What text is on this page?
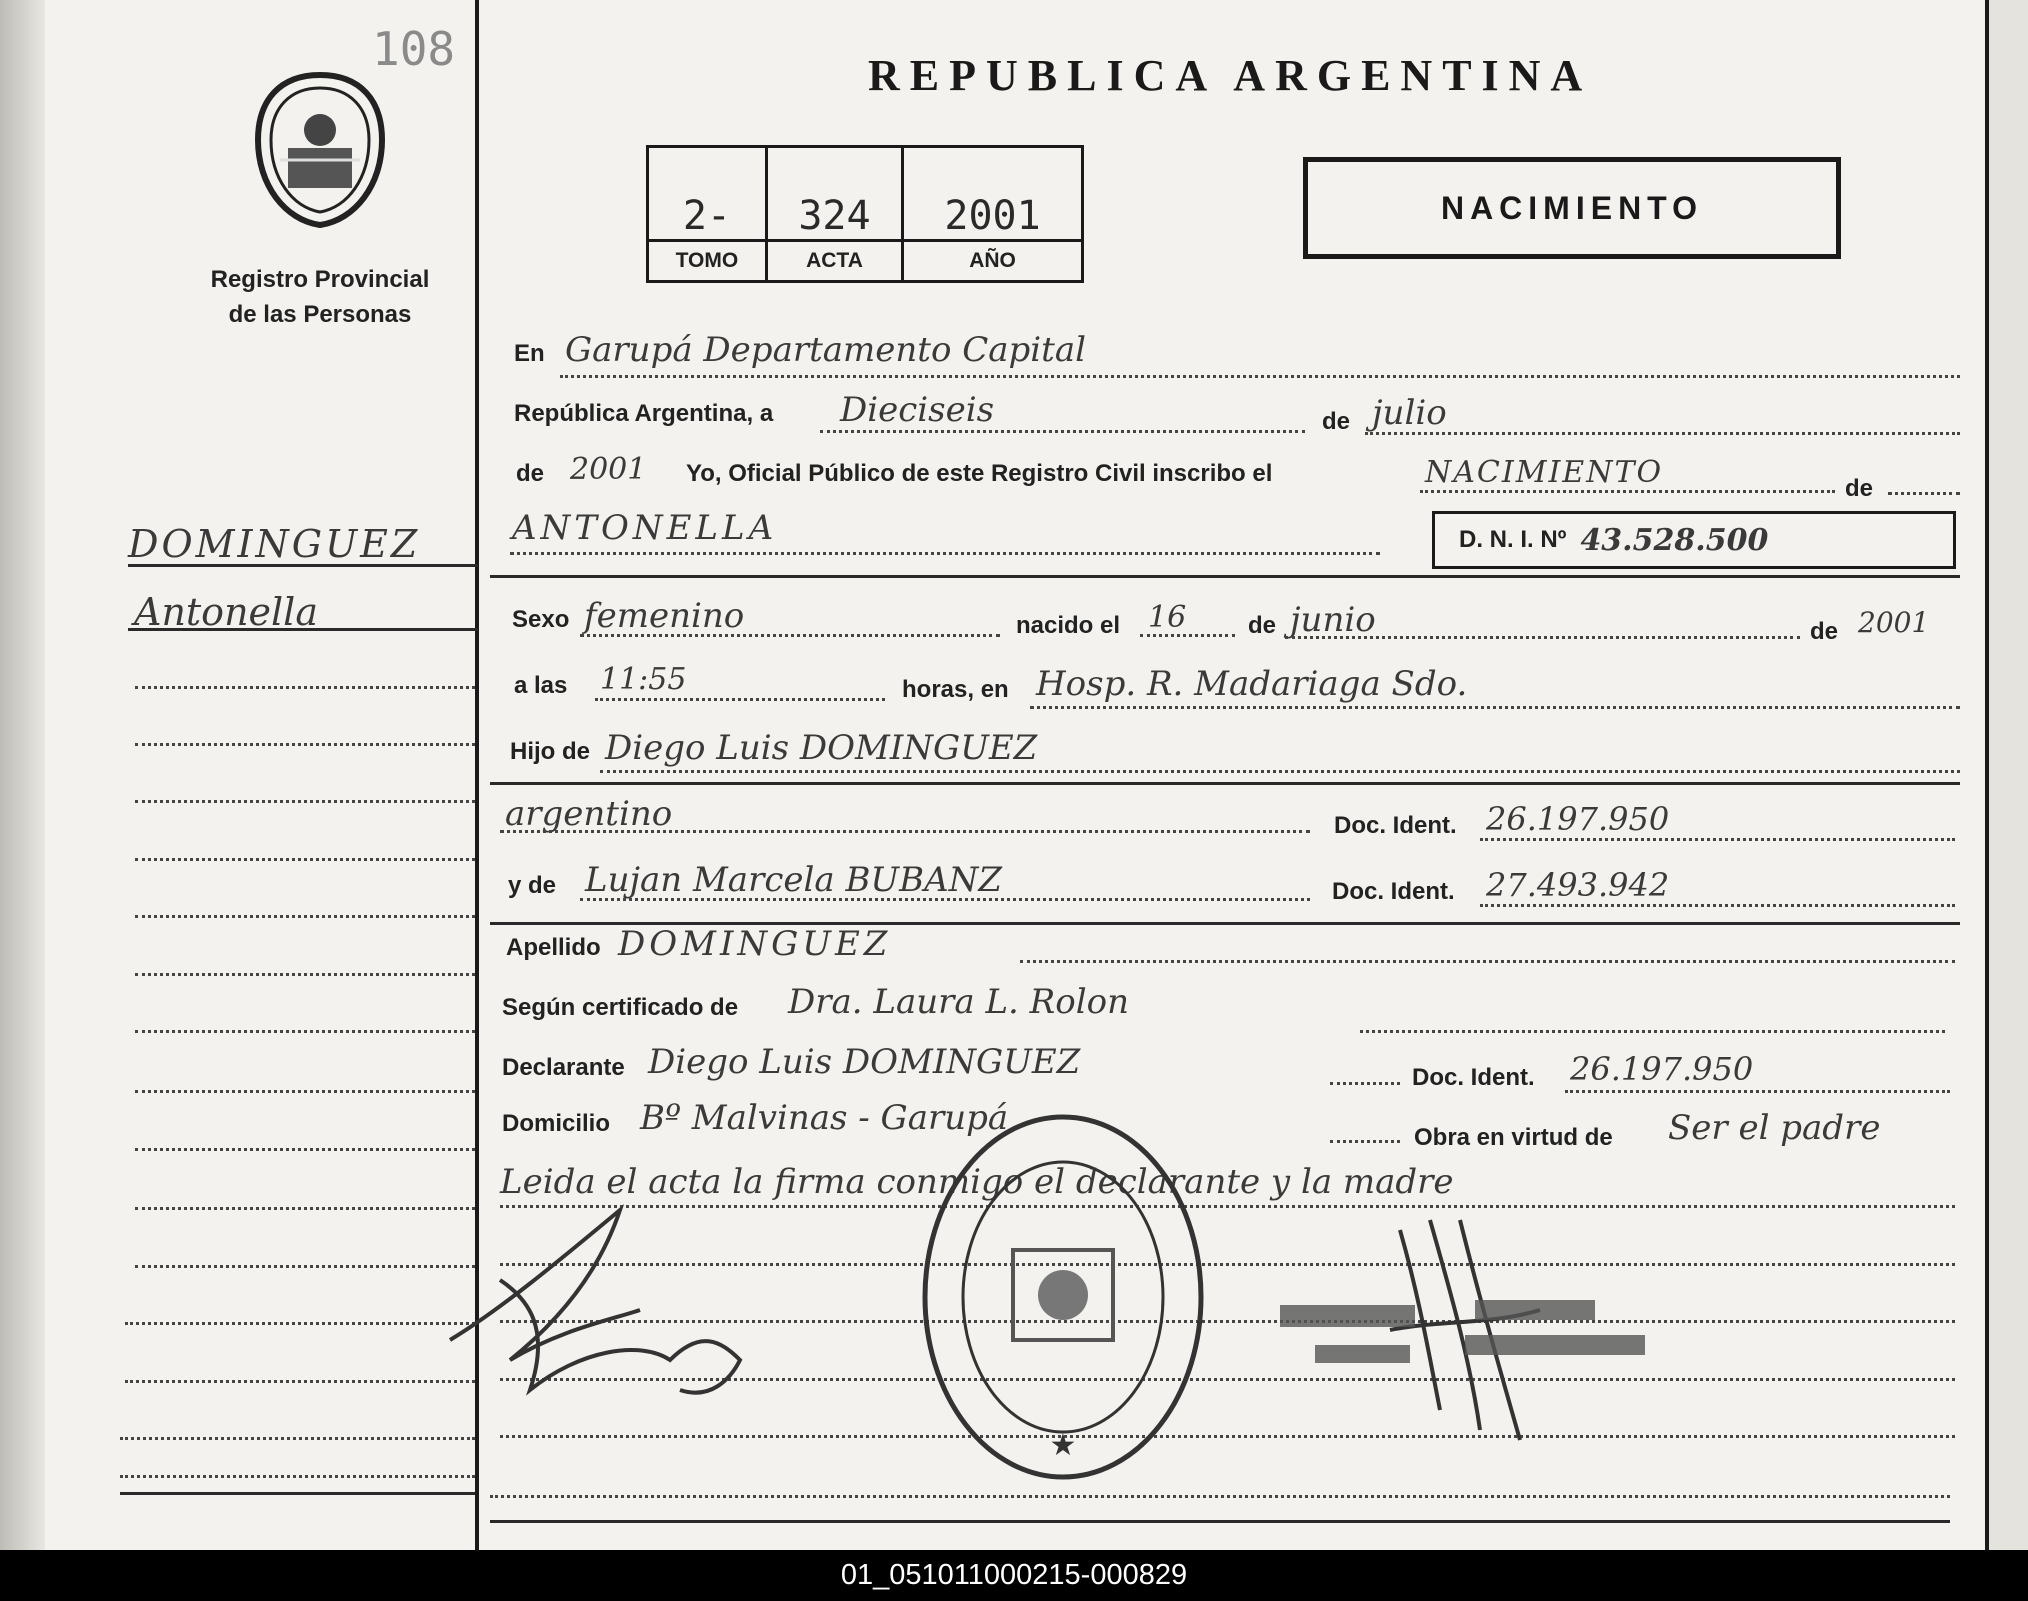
108
Registro Provincial
de las Personas
DOMINGUEZ
Antonella
REPUBLICA ARGENTINA
2-	324	2001
TOMO	ACTA	AÑO
NACIMIENTO
En Garupá Departamento Capital
República Argentina, a Dieciseis	de julio
de 2001 Yo, Oficial Público de este Registro Civil inscribo el	NACIMIENTO	de
ANTONELLA	D. N. I. Nº 43.528.500
Sexo femenino	nacido el 16	de junio	de 2001
a las 11:55	horas, en Hosp. R. Madariaga Sdo.
Hijo de Diego Luis DOMINGUEZ
argentino	Doc. Ident. 26.197.950
y de Lujan Marcela BUBANZ	Doc. Ident. 27.493.942
Apellido DOMINGUEZ
Según certificado de Dra. Laura L. Rolon
Declarante Diego Luis DOMINGUEZ	Doc. Ident. 26.197.950
Domicilio Bº Malvinas - Garupá	Obra en virtud de Ser el padre
Leida el acta la firma conmigo el declarante y la madre
★
01_051011000215-000829
